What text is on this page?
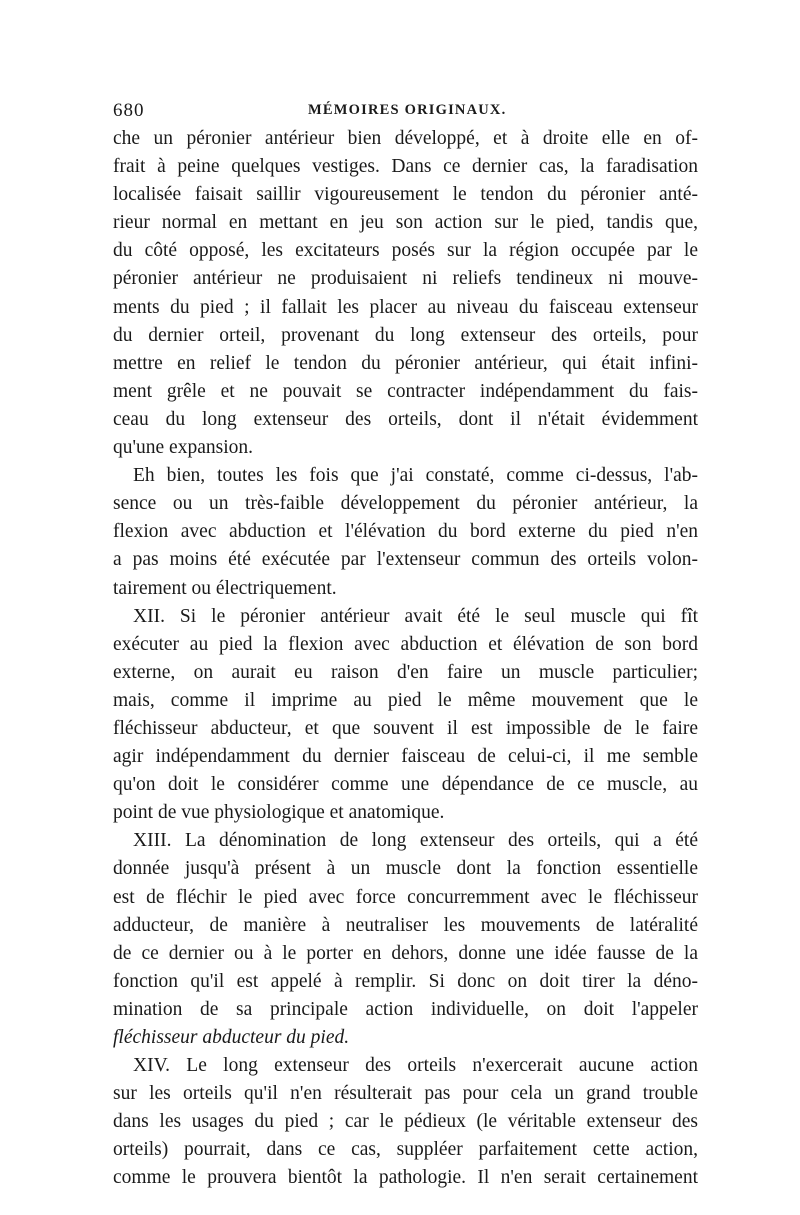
680	MÉMOIRES ORIGINAUX.
che un péronier antérieur bien développé, et à droite elle en of-
frait à peine quelques vestiges. Dans ce dernier cas, la faradisation
localisée faisait saillir vigoureusement le tendon du péronier anté-
rieur normal en mettant en jeu son action sur le pied, tandis que,
du côté opposé, les excitateurs posés sur la région occupée par le
péronier antérieur ne produisaient ni reliefs tendineux ni mouve-
ments du pied ; il fallait les placer au niveau du faisceau extenseur
du dernier orteil, provenant du long extenseur des orteils, pour
mettre en relief le tendon du péronier antérieur, qui était infini-
ment grêle et ne pouvait se contracter indépendamment du fais-
ceau du long extenseur des orteils, dont il n'était évidemment
qu'une expansion.
Eh bien, toutes les fois que j'ai constaté, comme ci-dessus, l'ab-
sence ou un très-faible développement du péronier antérieur, la
flexion avec abduction et l'élévation du bord externe du pied n'en
a pas moins été exécutée par l'extenseur commun des orteils volon-
tairement ou électriquement.
XII. Si le péronier antérieur avait été le seul muscle qui fît
exécuter au pied la flexion avec abduction et élévation de son bord
externe, on aurait eu raison d'en faire un muscle particulier;
mais, comme il imprime au pied le même mouvement que le
fléchisseur abducteur, et que souvent il est impossible de le faire
agir indépendamment du dernier faisceau de celui-ci, il me semble
qu'on doit le considérer comme une dépendance de ce muscle, au
point de vue physiologique et anatomique.
XIII. La dénomination de long extenseur des orteils, qui a été
donnée jusqu'à présent à un muscle dont la fonction essentielle
est de fléchir le pied avec force concurremment avec le fléchisseur
adducteur, de manière à neutraliser les mouvements de latéralité
de ce dernier ou à le porter en dehors, donne une idée fausse de la
fonction qu'il est appelé à remplir. Si donc on doit tirer la déno-
mination de sa principale action individuelle, on doit l'appeler
fléchisseur abducteur du pied.
XIV. Le long extenseur des orteils n'exercerait aucune action
sur les orteils qu'il n'en résulterait pas pour cela un grand trouble
dans les usages du pied ; car le pédieux (le véritable extenseur des
orteils) pourrait, dans ce cas, suppléer parfaitement cette action,
comme le prouvera bientôt la pathologie. Il n'en serait certainement
